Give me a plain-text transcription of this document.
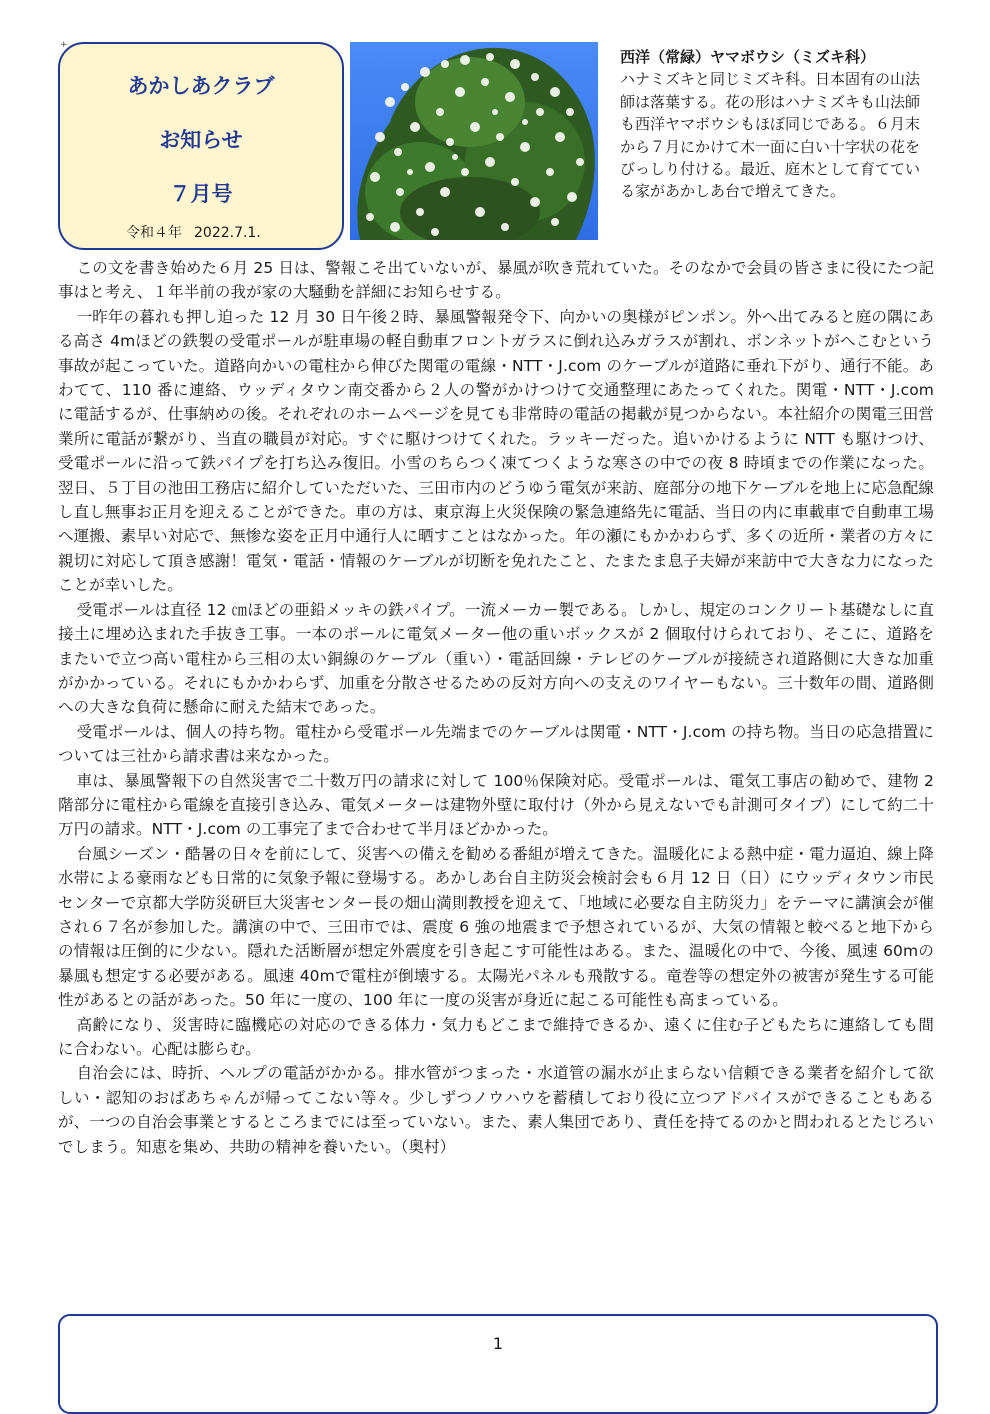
+
あかしあクラブ
お知らせ
７月号
令和４年 2022.7.1.
西洋（常緑）ヤマボウシ（ミズキ科）
ハナミズキと同じミズキ科。日本固有の山法師は落葉する。花の形はハナミズキも山法師も西洋ヤマボウシもほぼ同じである。６月末から７月にかけて木一面に白い十字状の花をびっしり付ける。最近、庭木として育てている家があかしあ台で増えてきた。

この文を書き始めた６月 25 日は、警報こそ出ていないが、暴風が吹き荒れていた。そのなかで会員の皆さまに役にたつ記事はと考え、１年半前の我が家の大騒動を詳細にお知らせする。

一昨年の暮れも押し迫った 12 月 30 日午後２時、暴風警報発令下、向かいの奥様がピンポン。外へ出てみると庭の隅にある高さ 4mほどの鉄製の受電ポールが駐車場の軽自動車フロントガラスに倒れ込みガラスが割れ、ボンネットがへこむという事故が起こっていた。道路向かいの電柱から伸びた関電の電線・NTT・J.com のケーブルが道路に垂れ下がり、通行不能。あわてて、110 番に連絡、ウッディタウン南交番から２人の警がかけつけて交通整理にあたってくれた。関電・NTT・J.com に電話するが、仕事納めの後。それぞれのホームページを見ても非常時の電話の掲載が見つからない。本社紹介の関電三田営業所に電話が繋がり、当直の職員が対応。すぐに駆けつけてくれた。ラッキーだった。追いかけるように NTT も駆けつけ、受電ポールに沿って鉄パイプを打ち込み復旧。小雪のちらつく凍てつくような寒さの中での夜 8 時頃までの作業になった。翌日、５丁目の池田工務店に紹介していただいた、三田市内のどうゆう電気が来訪、庭部分の地下ケーブルを地上に応急配線し直し無事お正月を迎えることができた。車の方は、東京海上火災保険の緊急連絡先に電話、当日の内に車載車で自動車工場へ運搬、素早い対応で、無惨な姿を正月中通行人に晒すことはなかった。年の瀬にもかかわらず、多くの近所・業者の方々に親切に対応して頂き感謝！電気・電話・情報のケーブルが切断を免れたこと、たまたま息子夫婦が来訪中で大きな力になったことが幸いした。

受電ポールは直径 12 ㎝ほどの亜鉛メッキの鉄パイプ。一流メーカー製である。しかし、規定のコンクリート基礎なしに直接土に埋め込まれた手抜き工事。一本のポールに電気メーター他の重いボックスが 2 個取付けられており、そこに、道路をまたいで立つ高い電柱から三相の太い銅線のケーブル（重い）・電話回線・テレビのケーブルが接続され道路側に大きな加重がかかっている。それにもかかわらず、加重を分散させるための反対方向への支えのワイヤーもない。三十数年の間、道路側への大きな負荷に懸命に耐えた結末であった。

受電ポールは、個人の持ち物。電柱から受電ポール先端までのケーブルは関電・NTT・J.com の持ち物。当日の応急措置については三社から請求書は来なかった。

車は、暴風警報下の自然災害で二十数万円の請求に対して 100％保険対応。受電ポールは、電気工事店の勧めで、建物 2 階部分に電柱から電線を直接引き込み、電気メーターは建物外壁に取付け（外から見えないでも計測可タイプ）にして約二十万円の請求。NTT・J.com の工事完了まで合わせて半月ほどかかった。

台風シーズン・酷暑の日々を前にして、災害への備えを勧める番組が増えてきた。温暖化による熱中症・電力逼迫、線上降水帯による豪雨なども日常的に気象予報に登場する。あかしあ台自主防災会検討会も６月 12 日（日）にウッディタウン市民センターで京都大学防災研巨大災害センター長の畑山満則教授を迎えて、「地域に必要な自主防災力」をテーマに講演会が催され６７名が参加した。講演の中で、三田市では、震度 6 強の地震まで予想されているが、大気の情報と較べると地下からの情報は圧倒的に少ない。隠れた活断層が想定外震度を引き起こす可能性はある。また、温暖化の中で、今後、風速 60mの暴風も想定する必要がある。風速 40mで電柱が倒壊する。太陽光パネルも飛散する。竜巻等の想定外の被害が発生する可能性があるとの話があった。50 年に一度の、100 年に一度の災害が身近に起こる可能性も高まっている。

高齢になり、災害時に臨機応の対応のできる体力・気力もどこまで維持できるか、遠くに住む子どもたちに連絡しても間に合わない。心配は膨らむ。

自治会には、時折、ヘルプの電話がかかる。排水管がつまった・水道管の漏水が止まらない信頼できる業者を紹介して欲しい・認知のおばあちゃんが帰ってこない等々。少しずつノウハウを蓄積しており役に立つアドバイスができることもあるが、一つの自治会事業とするところまでには至っていない。また、素人集団であり、責任を持てるのかと問われるとたじろいでしまう。知恵を集め、共助の精神を養いたい。（奥村）

1
